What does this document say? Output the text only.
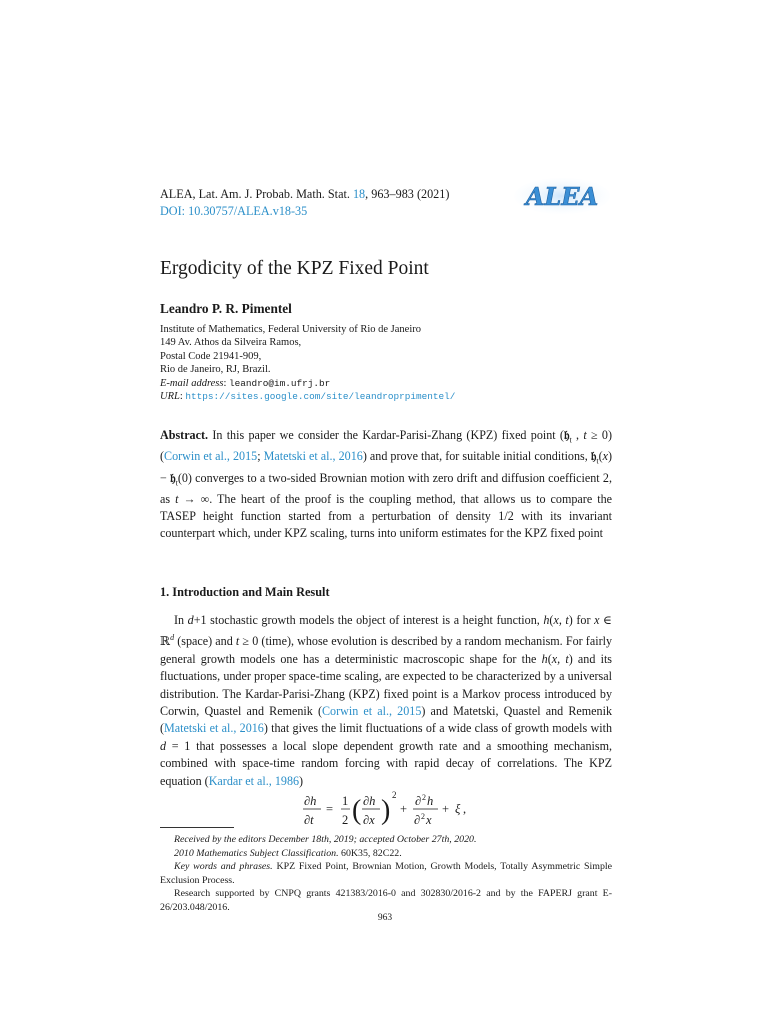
ALEA, Lat. Am. J. Probab. Math. Stat. 18, 963–983 (2021)
DOI: 10.30757/ALEA.v18-35	ALEA
Ergodicity of the KPZ Fixed Point
Leandro P. R. Pimentel
Institute of Mathematics, Federal University of Rio de Janeiro
149 Av. Athos da Silveira Ramos,
Postal Code 21941-909,
Rio de Janeiro, RJ, Brazil.
E-mail address: leandro@im.ufrj.br
URL: https://sites.google.com/site/leandroprpimentel/
Abstract. In this paper we consider the Kardar-Parisi-Zhang (KPZ) fixed point (𝔥$_t$ , t ≥ 0) (Corwin et al., 2015; Matetski et al., 2016) and prove that, for suitable initial conditions, 𝔥$_t$(x) − 𝔥$_t$(0) converges to a two-sided Brownian motion with zero drift and diffusion coefficient 2, as t → ∞. The heart of the proof is the coupling method, that allows us to compare the TASEP height function started from a perturbation of density 1/2 with its invariant counterpart which, under KPZ scaling, turns into uniform estimates for the KPZ fixed point
1. Introduction and Main Result

In d+1 stochastic growth models the object of interest is a height function, h(x, t) for x ∈ ℝ$^d$ (space) and t ≥ 0 (time), whose evolution is described by a random mechanism. For fairly general growth models one has a deterministic macroscopic shape for the h(x, t) and its fluctuations, under proper space-time scaling, are expected to be characterized by a universal distribution. The Kardar-Parisi-Zhang (KPZ) fixed point is a Markov process introduced by Corwin, Quastel and Remenik (Corwin et al., 2015) and Matetski, Quastel and Remenik (Matetski et al., 2016) that gives the limit fluctuations of a wide class of growth models with d = 1 that possesses a local slope dependent growth rate and a smoothing mechanism, combined with space-time random forcing with rapid decay of correlations. The KPZ equation (Kardar et al., 1986)

∂h
∂t
=
1
2 ( ∂h
∂x ) 2
+
∂ 2 h
∂ 2 x
+ ξ ,

Received by the editors December 18th, 2019; accepted October 27th, 2020.

2010 Mathematics Subject Classification. 60K35, 82C22.

Key words and phrases. KPZ Fixed Point, Brownian Motion, Growth Models, Totally Asymmetric Simple Exclusion Process.

Research supported by CNPQ grants 421383/2016-0 and 302830/2016-2 and by the FAPERJ grant E-26/203.048/2016.

963
